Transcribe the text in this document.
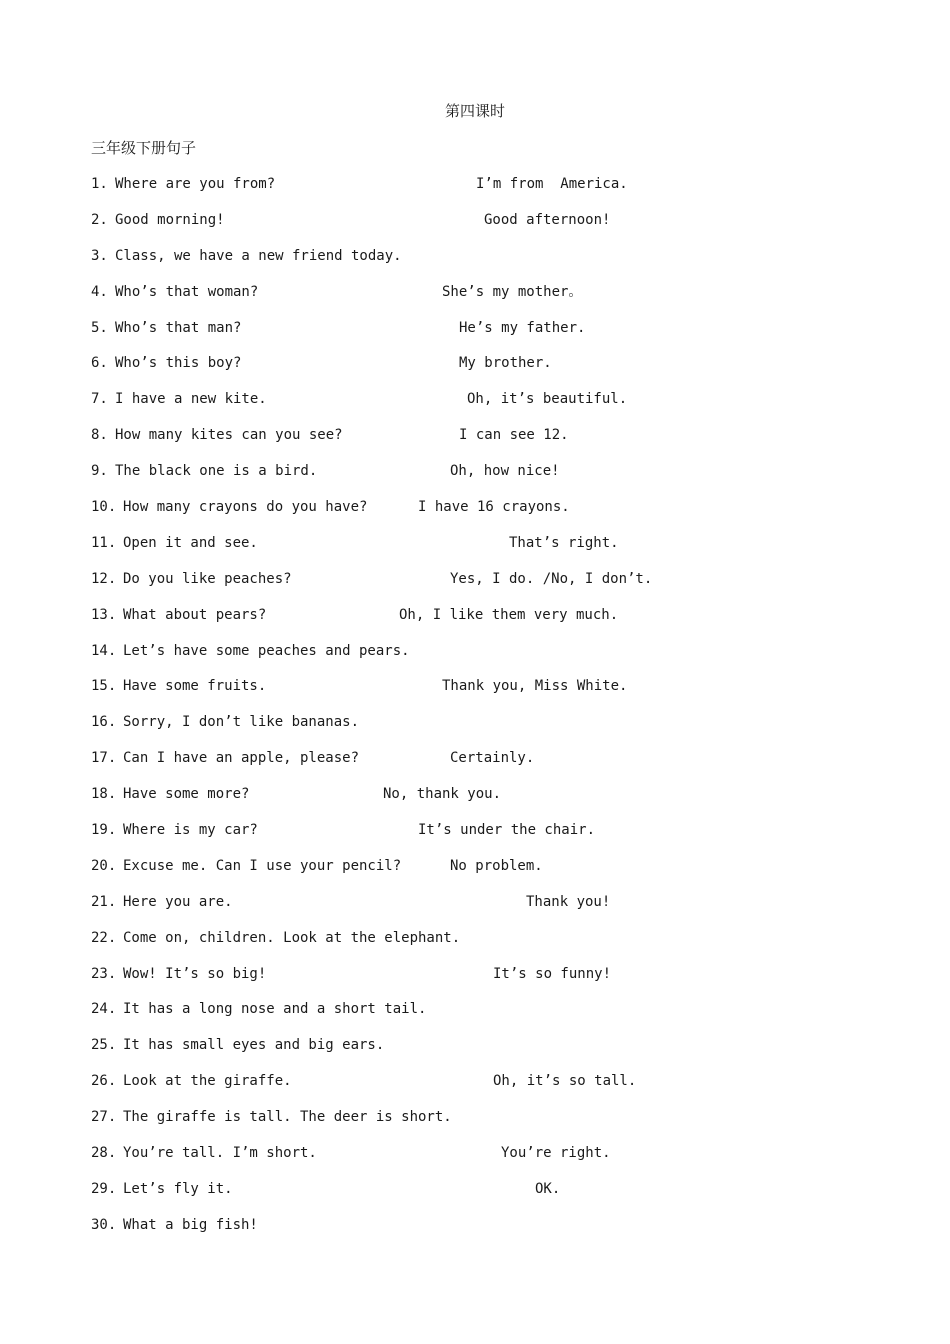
第四课时
三年级下册句子
1. Where are you from?	I’m from  America.
2. Good morning!	Good afternoon!
3. Class, we have a new friend today.
4. Who’s that woman?	She’s my mother。
5. Who’s that man?	He’s my father.
6. Who’s this boy?	My brother.
7. I have a new kite.	Oh, it’s beautiful.
8. How many kites can you see?	I can see 12.
9. The black one is a bird.	Oh, how nice!
10. How many crayons do you have?	I have 16 crayons.
11. Open it and see.	That’s right.
12. Do you like peaches?	Yes, I do. /No, I don’t.
13. What about pears?	Oh, I like them very much.
14. Let’s have some peaches and pears.
15. Have some fruits.	Thank you, Miss White.
16. Sorry, I don’t like bananas.
17. Can I have an apple, please?	Certainly.
18. Have some more?	No, thank you.
19. Where is my car?	It’s under the chair.
20. Excuse me. Can I use your pencil?	No problem.
21. Here you are.	Thank you!
22. Come on, children. Look at the elephant.
23. Wow! It’s so big!	It’s so funny!
24. It has a long nose and a short tail.
25. It has small eyes and big ears.
26. Look at the giraffe.	Oh, it’s so tall.
27. The giraffe is tall. The deer is short.
28. You’re tall. I’m short.	You’re right.
29. Let’s fly it.	OK.
30. What a big fish!
